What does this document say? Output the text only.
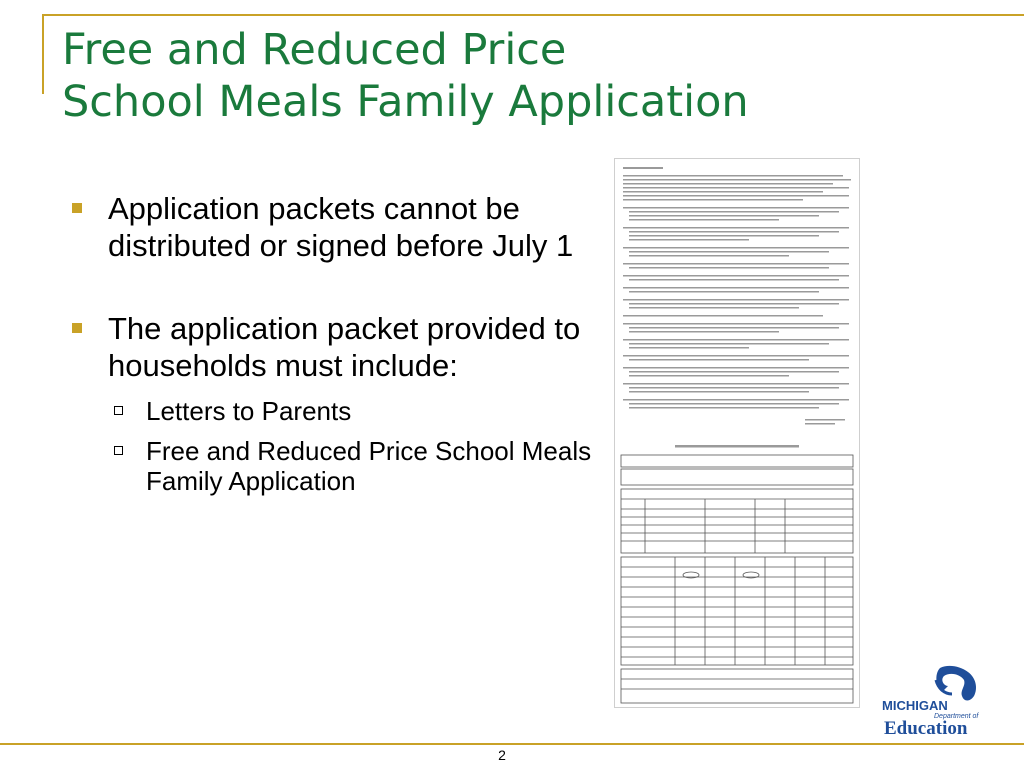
Free and Reduced Price
School Meals Family Application
Application packets cannot be distributed or signed before July 1
The application packet provided to households must include:
Letters to Parents
Free and Reduced Price School Meals Family Application
MICHIGAN
Department of
Education
2
